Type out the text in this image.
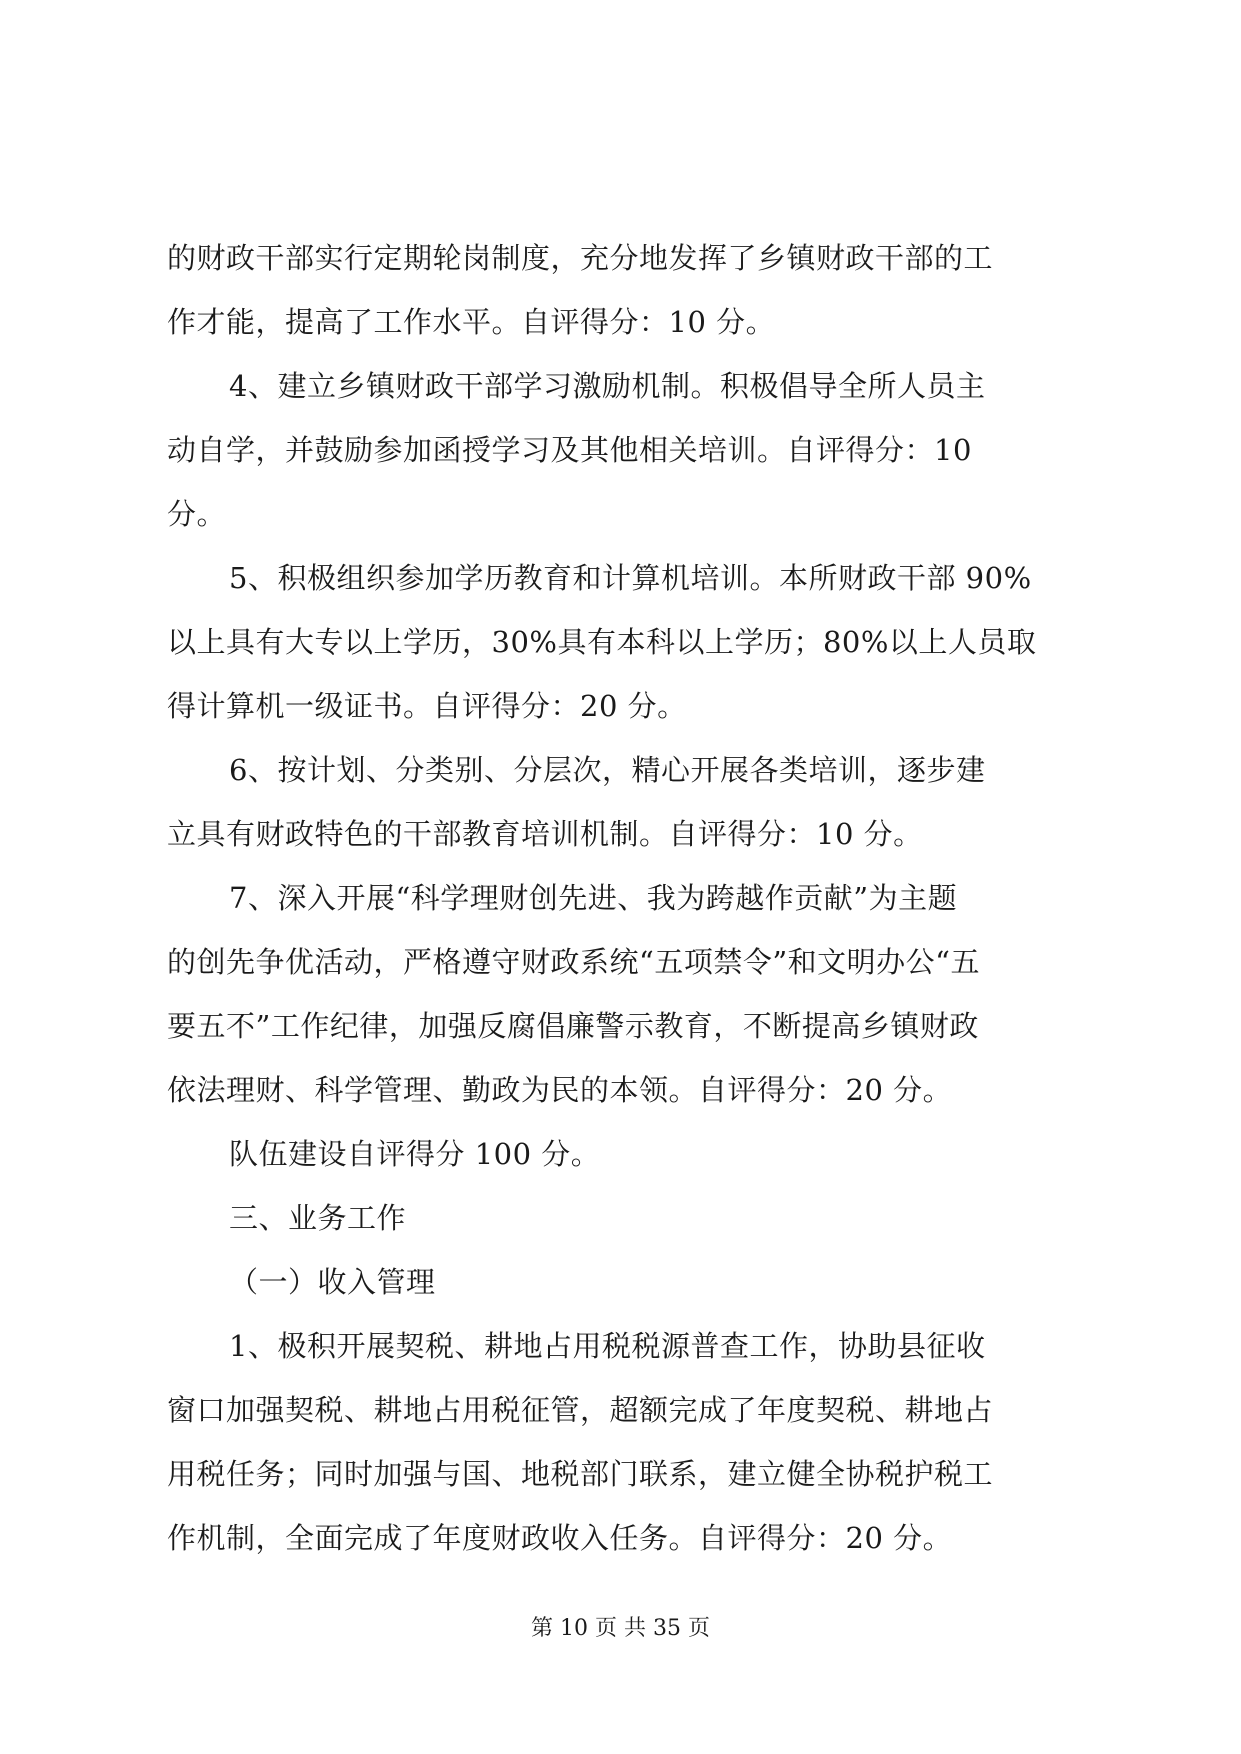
的财政干部实行定期轮岗制度，充分地发挥了乡镇财政干部的工
作才能，提高了工作水平。自评得分：10 分。
4、建立乡镇财政干部学习激励机制。积极倡导全所人员主
动自学，并鼓励参加函授学习及其他相关培训。自评得分：10
分。
5、积极组织参加学历教育和计算机培训。本所财政干部 90%
以上具有大专以上学历，30%具有本科以上学历；80%以上人员取
得计算机一级证书。自评得分：20 分。
6、按计划、分类别、分层次，精心开展各类培训，逐步建
立具有财政特色的干部教育培训机制。自评得分：10 分。
7、深入开展“科学理财创先进、我为跨越作贡献”为主题
的创先争优活动，严格遵守财政系统“五项禁令”和文明办公“五
要五不”工作纪律，加强反腐倡廉警示教育，不断提高乡镇财政
依法理财、科学管理、勤政为民的本领。自评得分：20 分。
队伍建设自评得分 100 分。
三、业务工作
（一）收入管理
1、极积开展契税、耕地占用税税源普查工作，协助县征收
窗口加强契税、耕地占用税征管，超额完成了年度契税、耕地占
用税任务；同时加强与国、地税部门联系，建立健全协税护税工
作机制，全面完成了年度财政收入任务。自评得分：20 分。
第 10 页 共 35 页
